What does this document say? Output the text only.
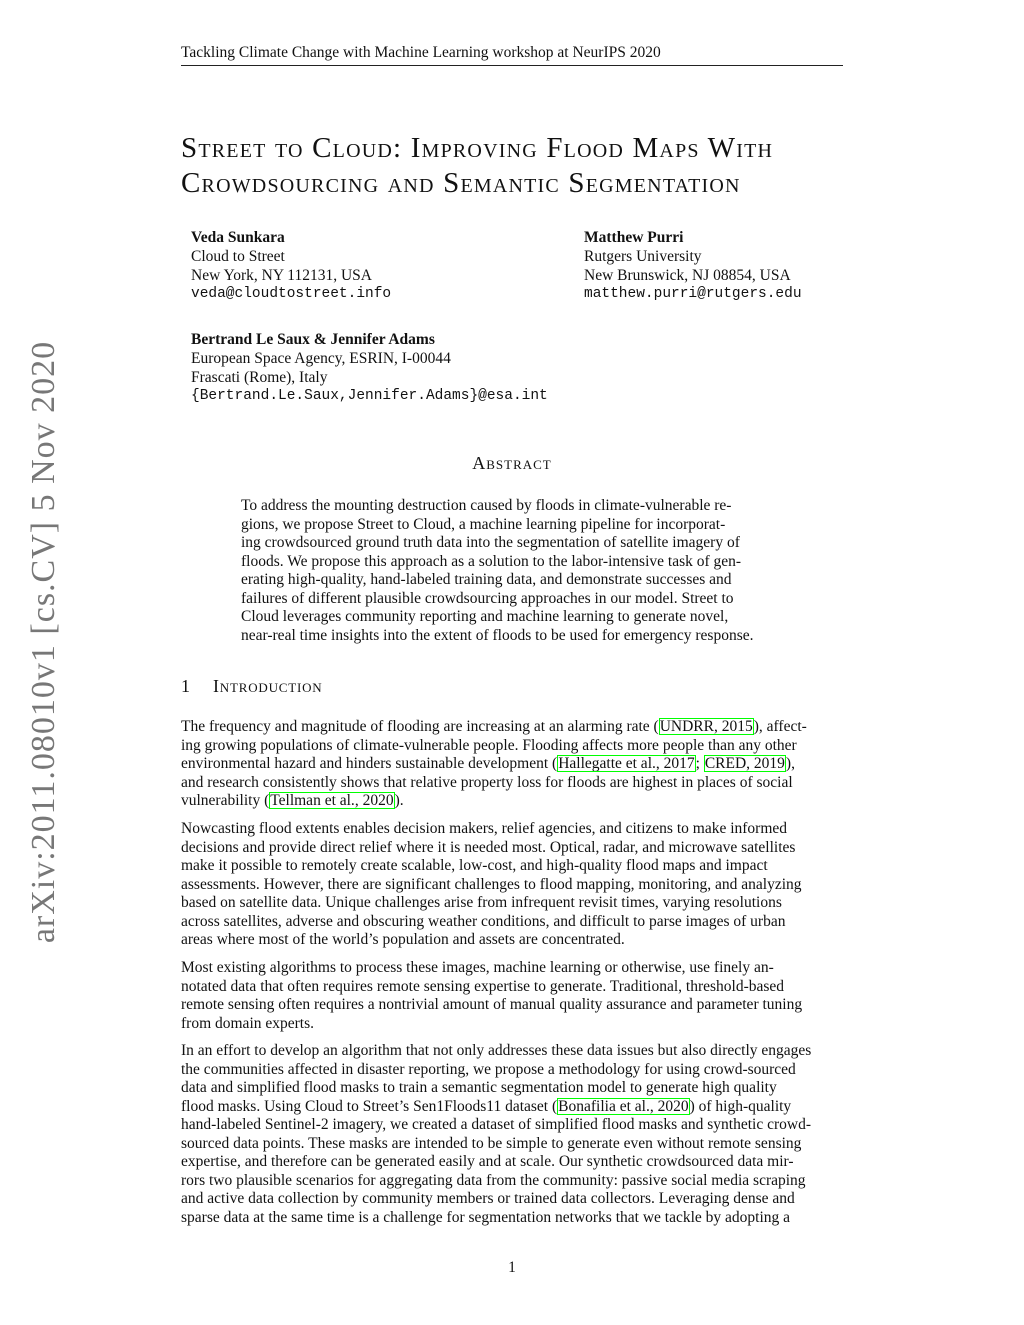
Tackling Climate Change with Machine Learning workshop at NeurIPS 2020
arXiv:2011.08010v1 [cs.CV] 5 Nov 2020
Street to Cloud: Improving Flood Maps With
Crowdsourcing and Semantic Segmentation
Veda Sunkara
Cloud to Street
New York, NY 112131, USA
veda@cloudtostreet.info
Matthew Purri
Rutgers University
New Brunswick, NJ 08854, USA
matthew.purri@rutgers.edu
Bertrand Le Saux & Jennifer Adams
European Space Agency, ESRIN, I-00044
Frascati (Rome), Italy
{Bertrand.Le.Saux,Jennifer.Adams}@esa.int
Abstract
To address the mounting destruction caused by floods in climate-vulnerable re-
gions, we propose Street to Cloud, a machine learning pipeline for incorporat-
ing crowdsourced ground truth data into the segmentation of satellite imagery of
floods. We propose this approach as a solution to the labor-intensive task of gen-
erating high-quality, hand-labeled training data, and demonstrate successes and
failures of different plausible crowdsourcing approaches in our model. Street to
Cloud leverages community reporting and machine learning to generate novel,
near-real time insights into the extent of floods to be used for emergency response.
1 Introduction
The frequency and magnitude of flooding are increasing at an alarming rate (UNDRR, 2015), affect-
ing growing populations of climate-vulnerable people. Flooding affects more people than any other
environmental hazard and hinders sustainable development (Hallegatte et al., 2017; CRED, 2019),
and research consistently shows that relative property loss for floods are highest in places of social
vulnerability (Tellman et al., 2020).
Nowcasting flood extents enables decision makers, relief agencies, and citizens to make informed
decisions and provide direct relief where it is needed most. Optical, radar, and microwave satellites
make it possible to remotely create scalable, low-cost, and high-quality flood maps and impact
assessments. However, there are significant challenges to flood mapping, monitoring, and analyzing
based on satellite data. Unique challenges arise from infrequent revisit times, varying resolutions
across satellites, adverse and obscuring weather conditions, and difficult to parse images of urban
areas where most of the world’s population and assets are concentrated.
Most existing algorithms to process these images, machine learning or otherwise, use finely an-
notated data that often requires remote sensing expertise to generate. Traditional, threshold-based
remote sensing often requires a nontrivial amount of manual quality assurance and parameter tuning
from domain experts.
In an effort to develop an algorithm that not only addresses these data issues but also directly engages
the communities affected in disaster reporting, we propose a methodology for using crowd-sourced
data and simplified flood masks to train a semantic segmentation model to generate high quality
flood masks. Using Cloud to Street’s Sen1Floods11 dataset (Bonafilia et al., 2020) of high-quality
hand-labeled Sentinel-2 imagery, we created a dataset of simplified flood masks and synthetic crowd-
sourced data points. These masks are intended to be simple to generate even without remote sensing
expertise, and therefore can be generated easily and at scale. Our synthetic crowdsourced data mir-
rors two plausible scenarios for aggregating data from the community: passive social media scraping
and active data collection by community members or trained data collectors. Leveraging dense and
sparse data at the same time is a challenge for segmentation networks that we tackle by adopting a
1
